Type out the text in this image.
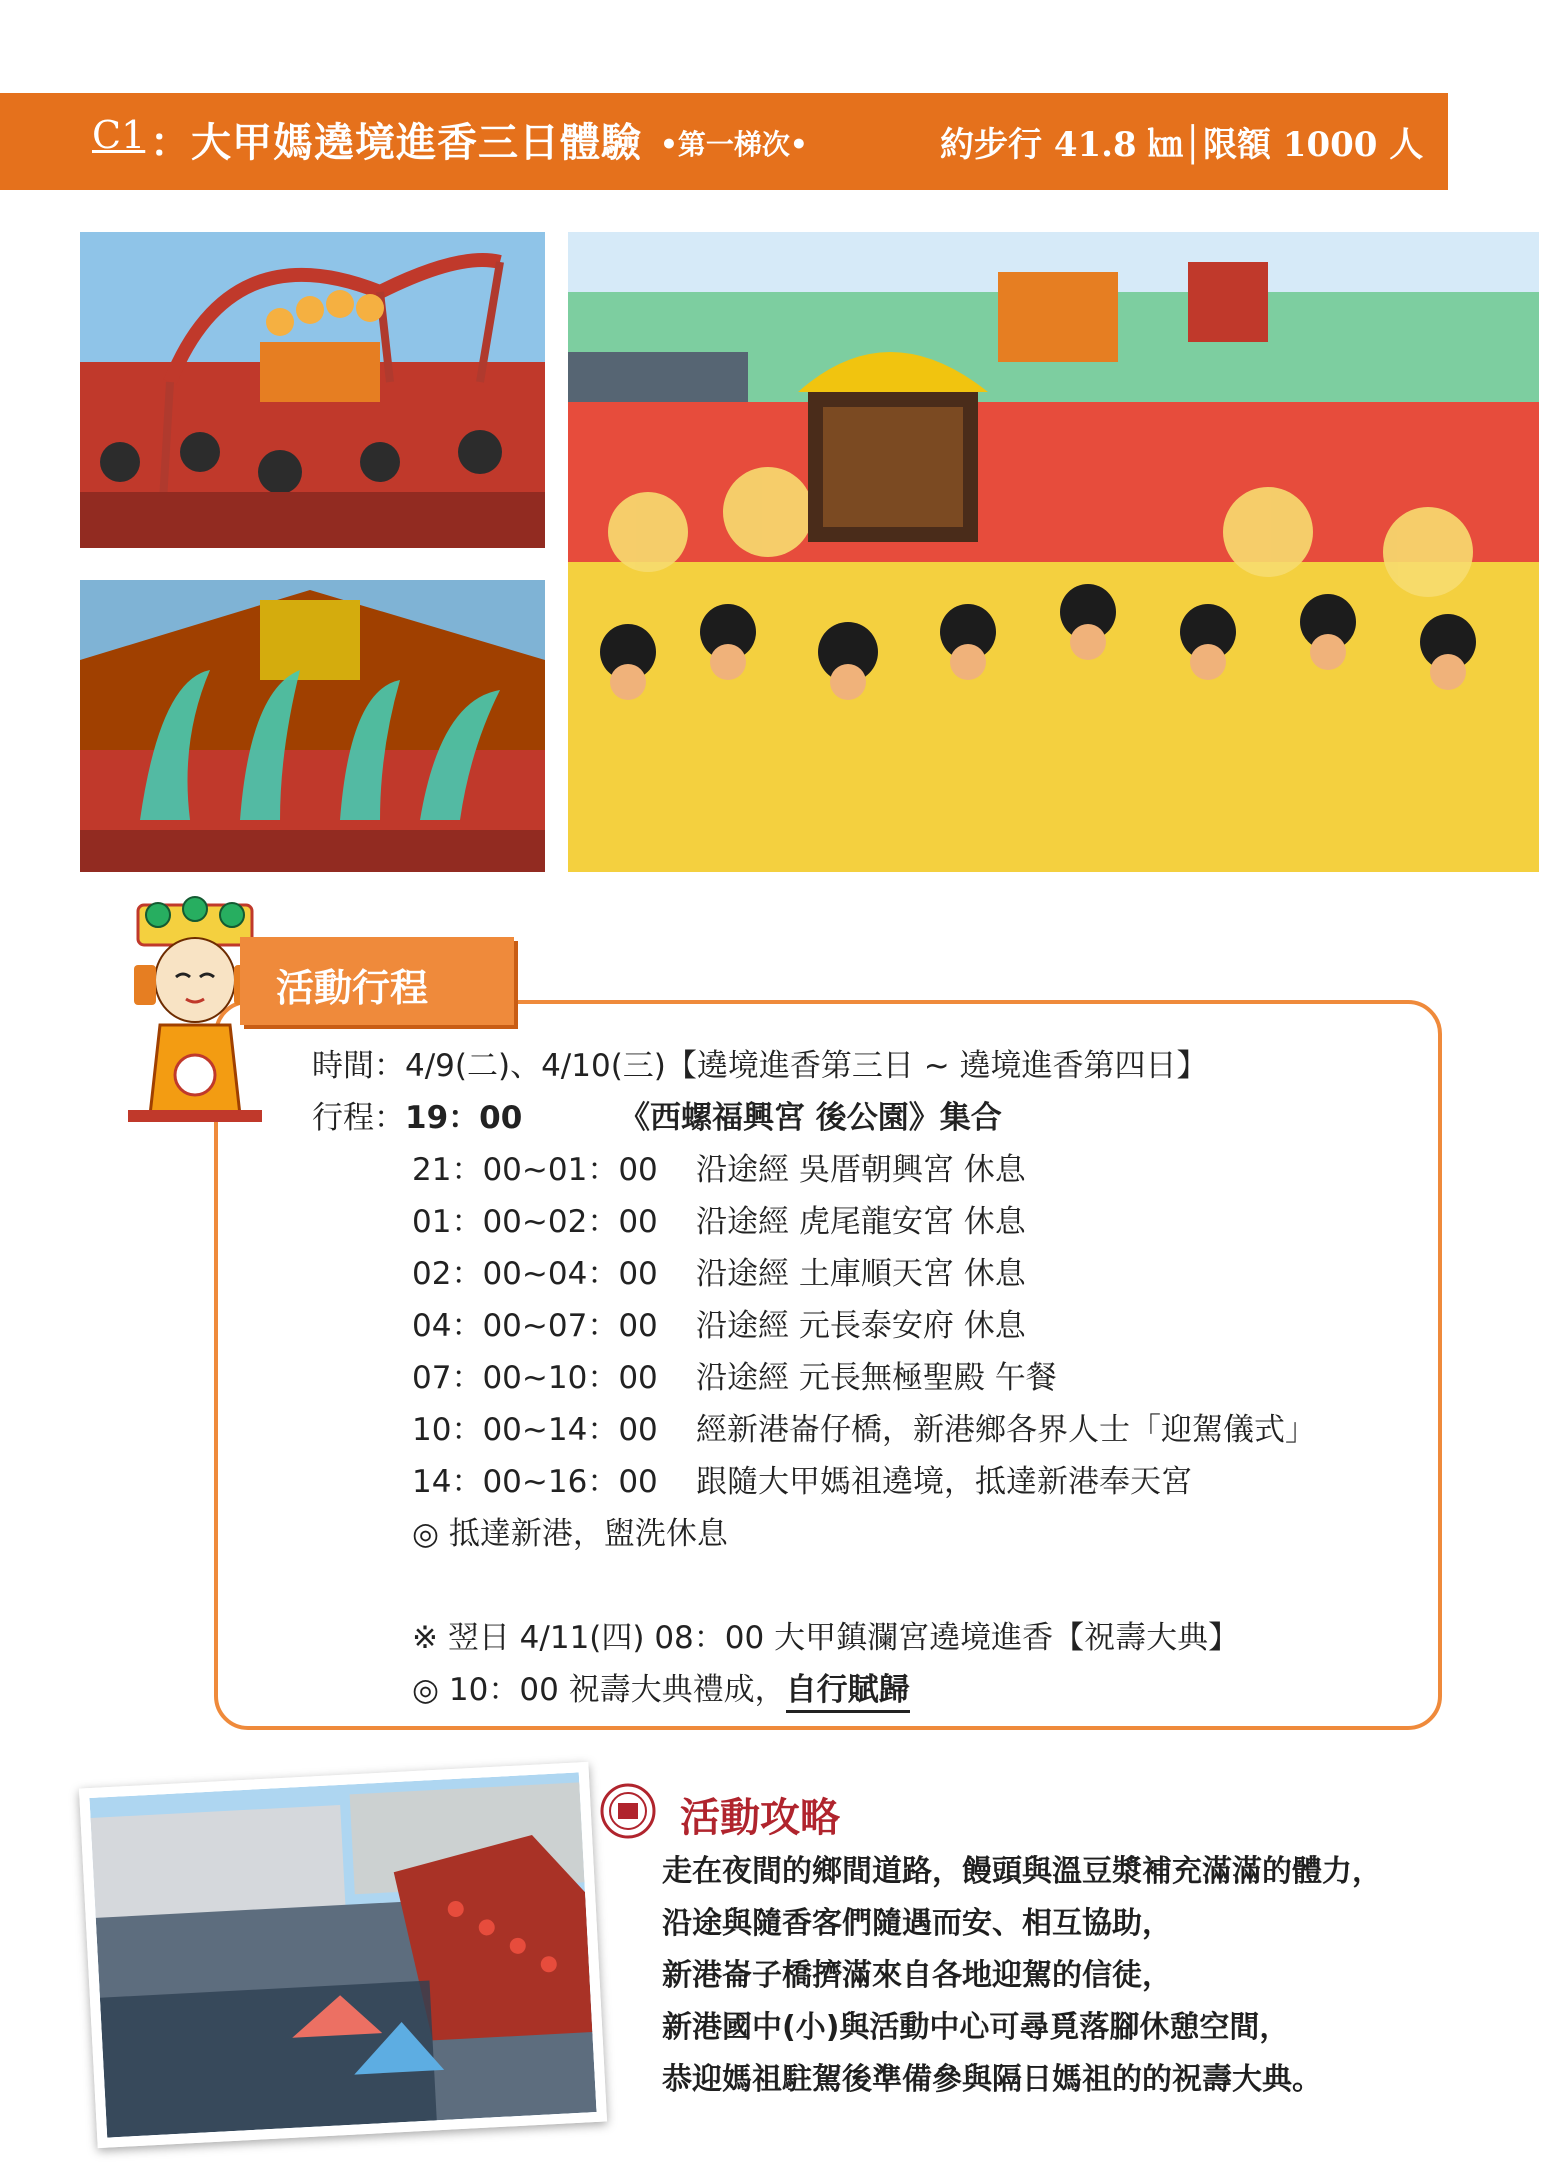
C1 ：大甲媽遶境進香三日體驗 •第一梯次•	約步行 41.8 ㎞│限額 1000 人
活動行程
時間：4/9(二)、4/10(三)【遶境進香第三日 ~ 遶境進香第四日】
行程：19：00	《西螺福興宮 後公園》集合
21：00~01：00 沿途經 吳厝朝興宮 休息
01：00~02：00 沿途經 虎尾龍安宮 休息
02：00~04：00 沿途經 土庫順天宮 休息
04：00~07：00 沿途經 元長泰安府 休息
07：00~10：00 沿途經 元長無極聖殿 午餐
10：00~14：00 經新港崙仔橋，新港鄉各界人士「迎駕儀式」
14：00~16：00 跟隨大甲媽祖遶境，抵達新港奉天宮
◎ 抵達新港，盥洗休息
※ 翌日 4/11(四) 08：00 大甲鎮瀾宮遶境進香【祝壽大典】
◎ 10：00 祝壽大典禮成，自行賦歸
活動攻略
走在夜間的鄉間道路，饅頭與溫豆漿補充滿滿的體力，
沿途與隨香客們隨遇而安、相互協助，
新港崙子橋擠滿來自各地迎駕的信徒，
新港國中(小)與活動中心可尋覓落腳休憩空間，
恭迎媽祖駐駕後準備參與隔日媽祖的的祝壽大典。
